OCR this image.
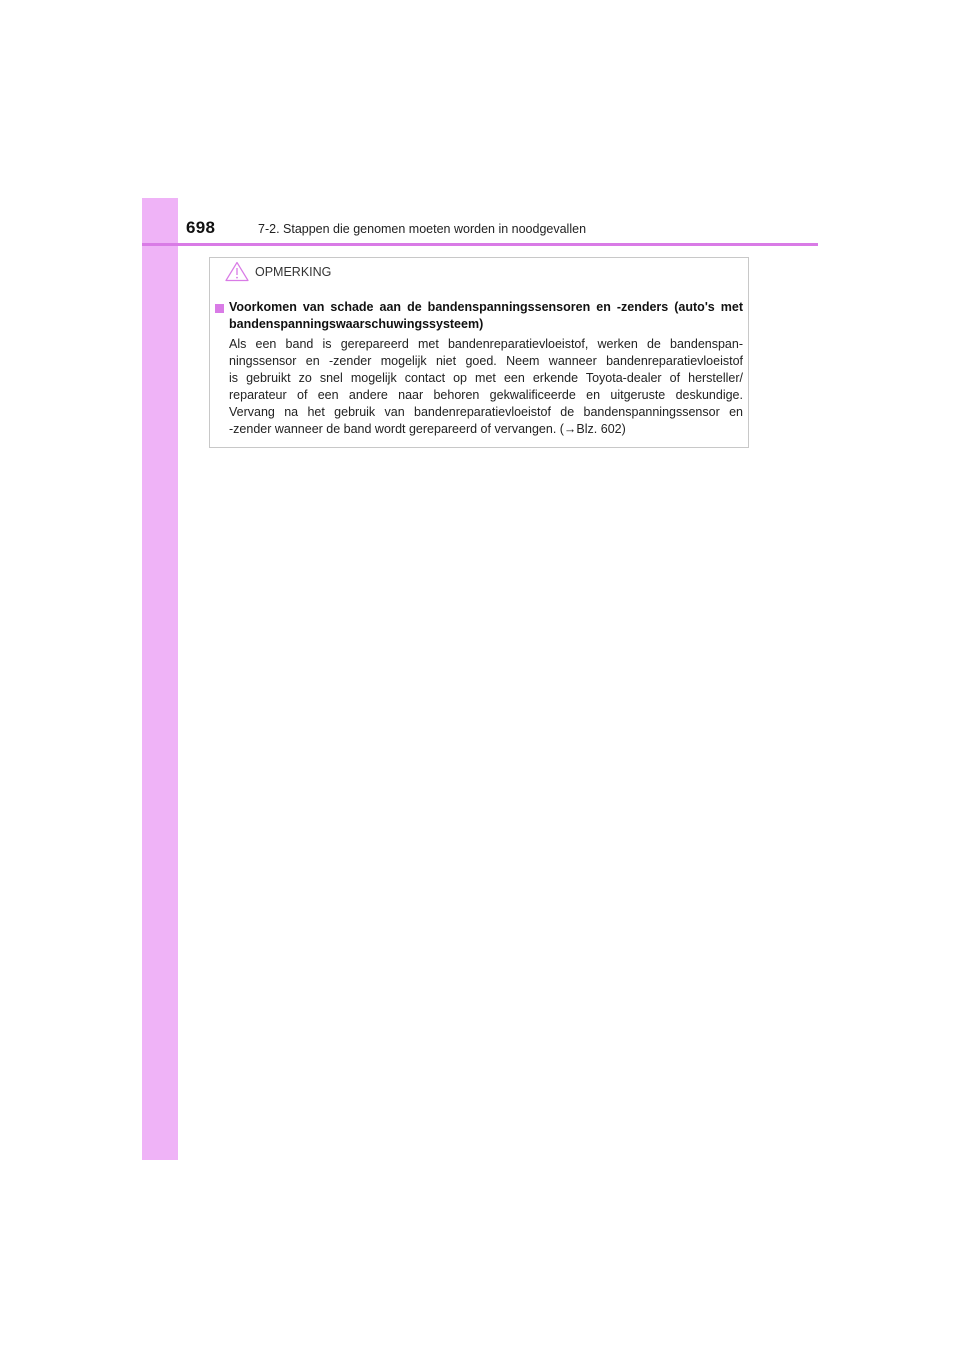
698	7-2. Stappen die genomen moeten worden in noodgevallen
OPMERKING
Voorkomen van schade aan de bandenspanningssensoren en -zenders (auto's met bandenspanningswaarschuwingssysteem)
Als een band is gerepareerd met bandenreparatievloeistof, werken de bandenspan-
ningssensor en -zender mogelijk niet goed. Neem wanneer bandenreparatievloeistof
is gebruikt zo snel mogelijk contact op met een erkende Toyota-dealer of hersteller/
reparateur of een andere naar behoren gekwalificeerde en uitgeruste deskundige.
Vervang na het gebruik van bandenreparatievloeistof de bandenspanningssensor en
-zender wanneer de band wordt gerepareerd of vervangen. (→Blz. 602)
